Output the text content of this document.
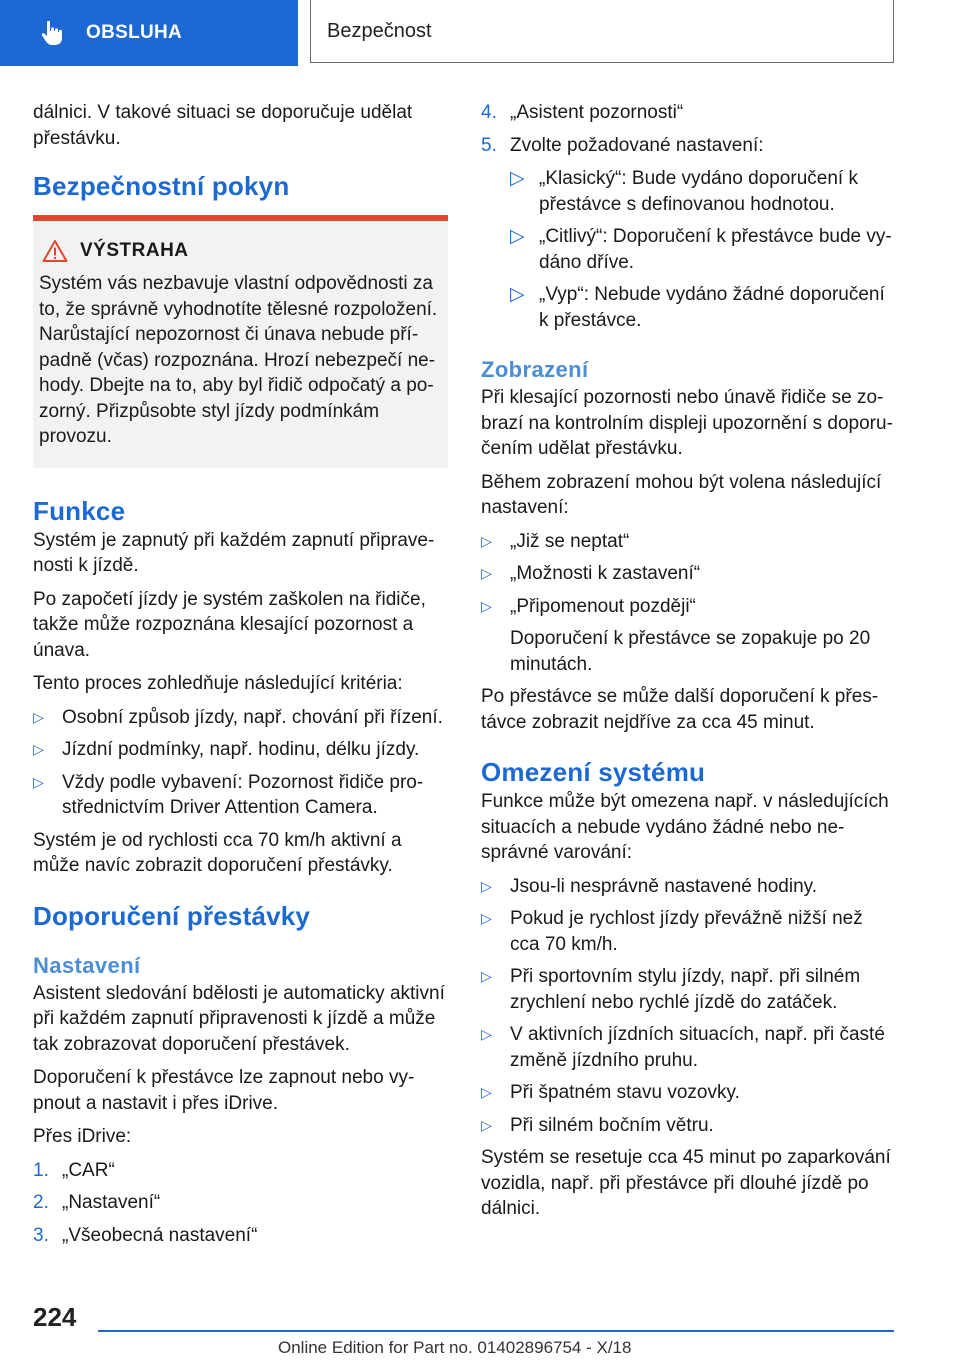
OBSLUHA	Bezpečnost

dálnici. V takové situaci se doporučuje udělat přestávku.

Bezpečnostní pokyn
VÝSTRAHA

Systém vás nezbavuje vlastní odpovědnosti za to, že správně vyhodnotíte tělesné rozpoložení. Narůstající nepozornost či únava nebude případně (včas) rozpoznána. Hrozí nebezpečí nehody. Dbejte na to, aby byl řidič odpočatý a pozorný. Přizpůsobte styl jízdy podmínkám provozu.

Funkce

Systém je zapnutý při každém zapnutí připravenosti k jízdě.

Po započetí jízdy je systém zaškolen na řidiče, takže může rozpoznána klesající pozornost a únava.

Tento proces zohledňuje následující kritéria:

▷ Osobní způsob jízdy, např. chování při řízení.
▷ Jízdní podmínky, např. hodinu, délku jízdy.
▷ Vždy podle vybavení: Pozornost řidiče prostřednictvím Driver Attention Camera.

Systém je od rychlosti cca 70 km/h aktivní a může navíc zobrazit doporučení přestávky.

Doporučení přestávky
Nastavení

Asistent sledování bdělosti je automaticky aktivní při každém zapnutí připravenosti k jízdě a může tak zobrazovat doporučení přestávek.

Doporučení k přestávce lze zapnout nebo vypnout a nastavit i přes iDrive.

Přes iDrive:

1. „CAR“
2. „Nastavení“
3. „Všeobecná nastavení“
4. „Asistent pozornosti“
5. Zvolte požadované nastavení:
▷ „Klasický“: Bude vydáno doporučení k přestávce s definovanou hodnotou.
▷ „Citlivý“: Doporučení k přestávce bude vydáno dříve.
▷ „Vyp“: Nebude vydáno žádné doporučení k přestávce.
Zobrazení

Při klesající pozornosti nebo únavě řidiče se zobrazí na kontrolním displeji upozornění s doporučením udělat přestávku.

Během zobrazení mohou být volena následující nastavení:

▷ „Již se neptat“
▷ „Možnosti k zastavení“
▷ „Připomenout později“
Doporučení k přestávce se zopakuje po 20 minutách.

Po přestávce se může další doporučení k přestávce zobrazit nejdříve za cca 45 minut.

Omezení systému

Funkce může být omezena např. v následujících situacích a nebude vydáno žádné nebo nesprávné varování:

▷ Jsou-li nesprávně nastavené hodiny.
▷ Pokud je rychlost jízdy převážně nižší než cca 70 km/h.
▷ Při sportovním stylu jízdy, např. při silném zrychlení nebo rychlé jízdě do zatáček.
▷ V aktivních jízdních situacích, např. při časté změně jízdního pruhu.
▷ Při špatném stavu vozovky.
▷ Při silném bočním větru.

Systém se resetuje cca 45 minut po zaparkování vozidla, např. při přestávce při dlouhé jízdě po dálnici.

224
Online Edition for Part no. 01402896754 - X/18
